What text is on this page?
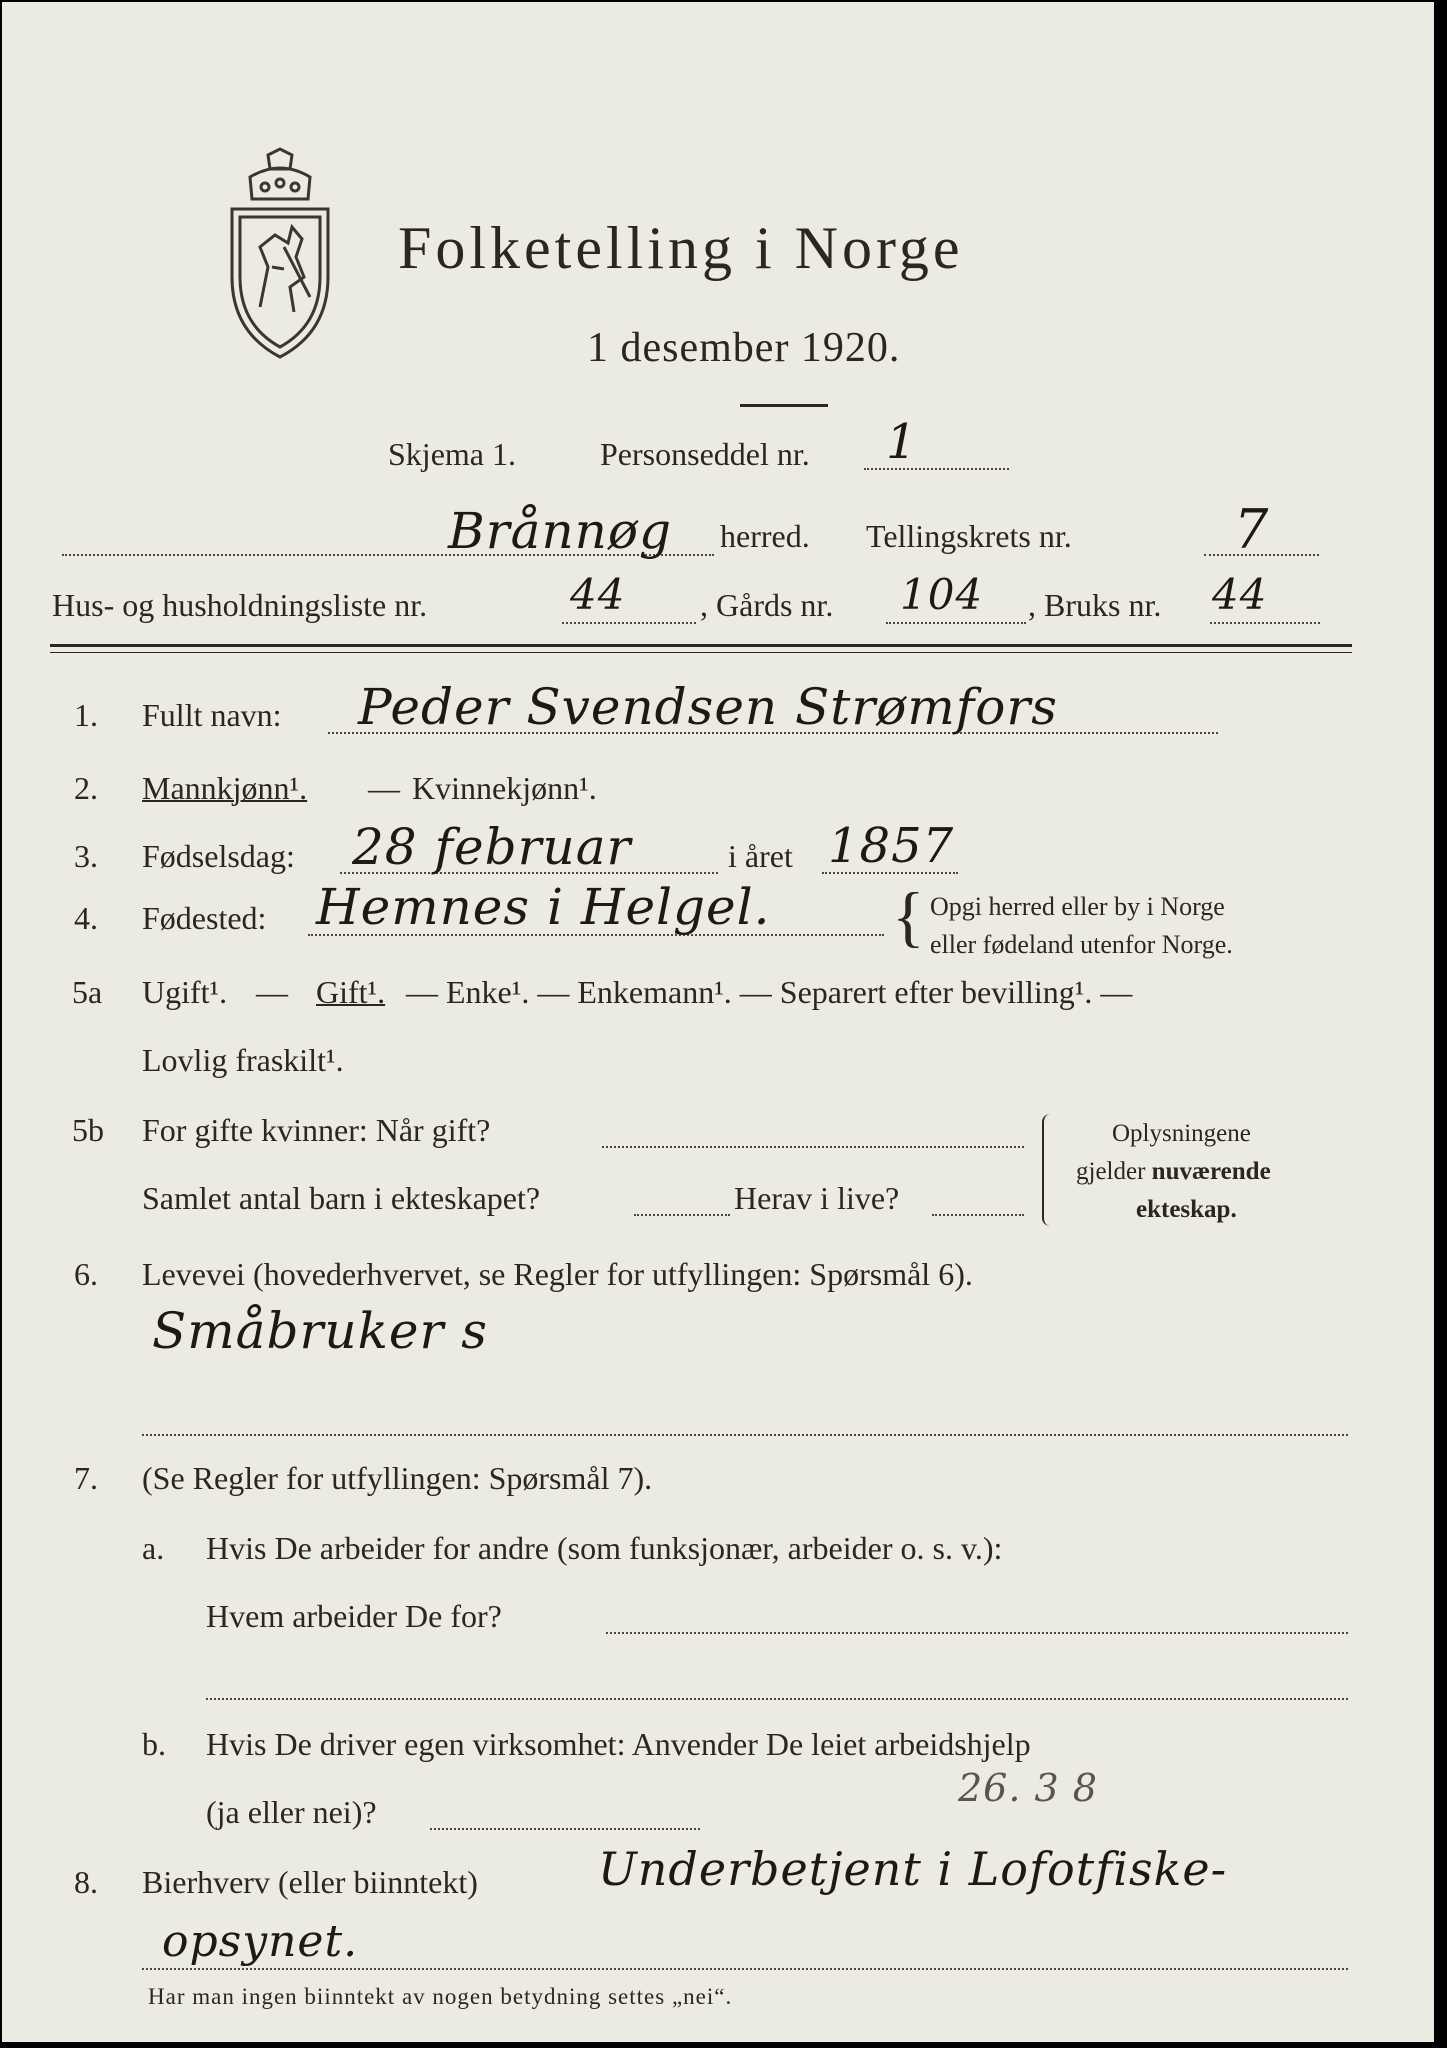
Folketelling i Norge
1 desember 1920.
Skjema 1.	Personseddel nr. 1
Brånnøg herred. Tellingskrets nr.	7
Hus- og husholdningsliste nr.	44 , Gårds nr. 104 , Bruks nr. 44
1. Fullt navn: Peder Svendsen Strømfors
2. Mannkjønn¹. — Kvinnekjønn¹.
3. Fødselsdag: 28 februar	i året 1857
4. Fødested: Hemnes i Helgel. { Opgi herred eller by i Norge
eller fødeland utenfor Norge.
5a Ugift¹. — Gift¹. — Enke¹. — Enkemann¹. — Separert efter bevilling¹. —
Lovlig fraskilt¹.
5b For gifte kvinner: Når gift?
Samlet antal barn i ekteskapet?	Herav i live?
Oplysningene
gjelder nuværende
ekteskap.
6. Levevei (hovederhvervet, se Regler for utfyllingen: Spørsmål 6).
Småbruker s
7. (Se Regler for utfyllingen: Spørsmål 7).
a. Hvis De arbeider for andre (som funksjonær, arbeider o. s. v.):
Hvem arbeider De for?
b. Hvis De driver egen virksomhet: Anvender De leiet arbeidshjelp
(ja eller nei)?
26. 3 8
8. Bierhverv (eller biinntekt)	Underbetjent i Lofotfiske-
opsynet.
Har man ingen biinntekt av nogen betydning settes „nei“.
